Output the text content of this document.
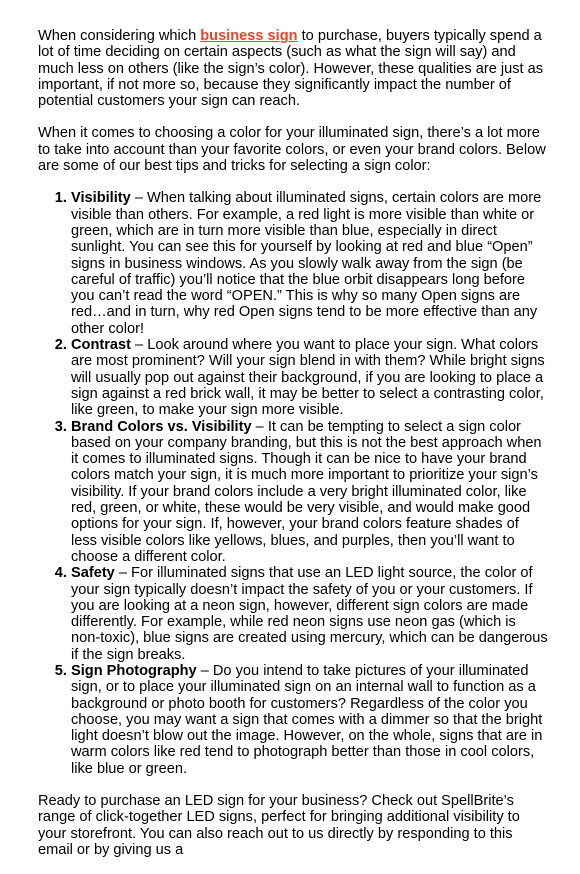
When considering which business sign to purchase, buyers typically spend a lot of time deciding on certain aspects (such as what the sign will say) and much less on others (like the sign’s color). However, these qualities are just as important, if not more so, because they significantly impact the number of potential customers your sign can reach.

When it comes to choosing a color for your illuminated sign, there’s a lot more to take into account than your favorite colors, or even your brand colors. Below are some of our best tips and tricks for selecting a sign color:

1. Visibility – When talking about illuminated signs, certain colors are more visible than others. For example, a red light is more visible than white or green, which are in turn more visible than blue, especially in direct sunlight. You can see this for yourself by looking at red and blue “Open” signs in business windows. As you slowly walk away from the sign (be careful of traffic) you’ll notice that the blue orbit disappears long before you can’t read the word “OPEN.” This is why so many Open signs are red…and in turn, why red Open signs tend to be more effective than any other color!
2. Contrast – Look around where you want to place your sign. What colors are most prominent? Will your sign blend in with them? While bright signs will usually pop out against their background, if you are looking to place a sign against a red brick wall, it may be better to select a contrasting color, like green, to make your sign more visible.
3. Brand Colors vs. Visibility – It can be tempting to select a sign color based on your company branding, but this is not the best approach when it comes to illuminated signs. Though it can be nice to have your brand colors match your sign, it is much more important to prioritize your sign’s visibility. If your brand colors include a very bright illuminated color, like red, green, or white, these would be very visible, and would make good options for your sign. If, however, your brand colors feature shades of less visible colors like yellows, blues, and purples, then you’ll want to choose a different color.
4. Safety – For illuminated signs that use an LED light source, the color of your sign typically doesn’t impact the safety of you or your customers. If you are looking at a neon sign, however, different sign colors are made differently. For example, while red neon signs use neon gas (which is non-toxic), blue signs are created using mercury, which can be dangerous if the sign breaks.
5. Sign Photography – Do you intend to take pictures of your illuminated sign, or to place your illuminated sign on an internal wall to function as a background or photo booth for customers? Regardless of the color you choose, you may want a sign that comes with a dimmer so that the bright light doesn’t blow out the image. However, on the whole, signs that are in warm colors like red tend to photograph better than those in cool colors, like blue or green.

Ready to purchase an LED sign for your business? Check out SpellBrite’s range of click-together LED signs, perfect for bringing additional visibility to your storefront. You can also reach out to us directly by responding to this email or by giving us a
